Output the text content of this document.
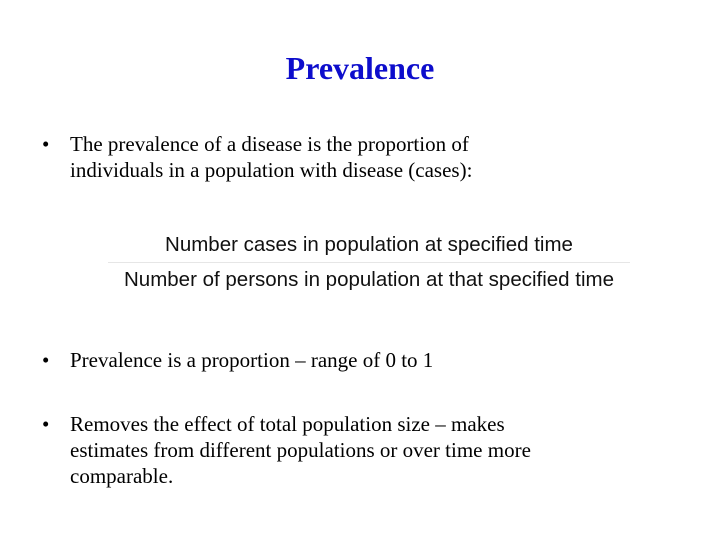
Prevalence
• The prevalence of a disease is the proportion of
individuals in a population with disease (cases):
Number cases in population at specified time
Number of persons in population at that specified time
• Prevalence is a proportion – range of 0 to 1
• Removes the effect of total population size – makes
estimates from different populations or over time more
comparable.
